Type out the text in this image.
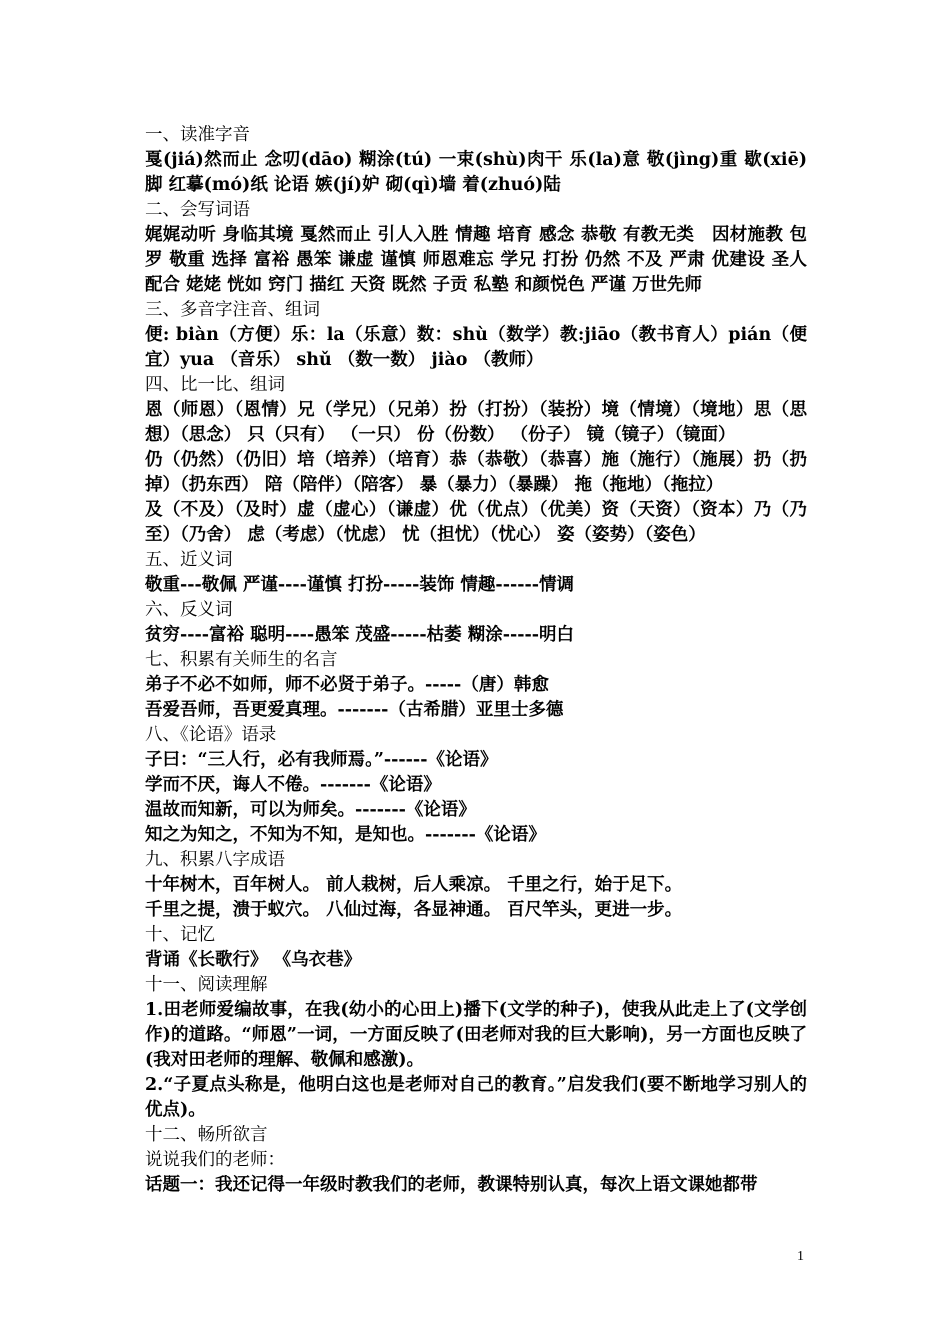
一、读准字音
戛(jiá)然而止 念叨(dāo) 糊涂(tú) 一束(shù)肉干 乐(la)意 敬(jìng)重 歇(xiē)脚 红摹(mó)纸 论语 嫉(jí)妒 砌(qì)墙 着(zhuó)陆
二、会写词语
娓娓动听 身临其境 戛然而止 引人入胜 情趣 培育 感念 恭敬 有教无类　因材施教 包罗 敬重 选择 富裕 愚笨 谦虚 谨慎 师恩难忘 学兄 打扮 仍然 不及 严肃 优建设 圣人 配合 姥姥 恍如 窍门 描红 天资 既然 子贡 私塾 和颜悦色 严谨 万世先师
三、多音字注音、组词
便: biàn（方便）乐：la（乐意）数：shù（数学）教:jiāo（教书育人）pián（便宜）yua （音乐） shǔ （数一数） jiào （教师）
四、比一比、组词
恩（师恩）（恩情）兄（学兄）（兄弟）扮（打扮）（装扮）境（情境）（境地）思（思想）（思念） 只（只有） （一只） 份（份数） （份子） 镜（镜子）（镜面）
仍（仍然）（仍旧）培（培养）（培育）恭（恭敬）（恭喜）施（施行）（施展）扔（扔掉）（扔东西） 陪（陪伴）（陪客） 暴（暴力）（暴躁） 拖（拖地）（拖拉）
及（不及）（及时）虚（虚心）（谦虚）优（优点）（优美）资（天资）（资本）乃（乃至）（乃舍） 虑（考虑）（忧虑） 忧（担忧）（忧心） 姿（姿势）（姿色）
五、近义词
敬重---敬佩 严谨----谨慎 打扮-----装饰 情趣------情调
六、反义词
贫穷----富裕 聪明----愚笨 茂盛-----枯萎 糊涂-----明白
七、积累有关师生的名言
弟子不必不如师，师不必贤于弟子。-----（唐）韩愈
吾爱吾师，吾更爱真理。-------（古希腊）亚里士多德
八、《论语》语录
子曰：“三人行，必有我师焉。”------《论语》
学而不厌，诲人不倦。-------《论语》
温故而知新，可以为师矣。-------《论语》
知之为知之，不知为不知，是知也。-------《论语》
九、积累八字成语
十年树木，百年树人。 前人栽树，后人乘凉。 千里之行，始于足下。
千里之提，溃于蚁穴。 八仙过海，各显神通。 百尺竿头，更进一步。
十、记忆
背诵《长歌行》 《乌衣巷》
十一、阅读理解
1.田老师爱编故事，在我(幼小的心田上)播下(文学的种子)，使我从此走上了(文学创作)的道路。“师恩”一词，一方面反映了(田老师对我的巨大影响)，另一方面也反映了(我对田老师的理解、敬佩和感激)。
2.“子夏点头称是，他明白这也是老师对自己的教育。”启发我们(要不断地学习别人的优点)。
十二、畅所欲言
说说我们的老师：
话题一：我还记得一年级时教我们的老师，教课特别认真，每次上语文课她都带
1
